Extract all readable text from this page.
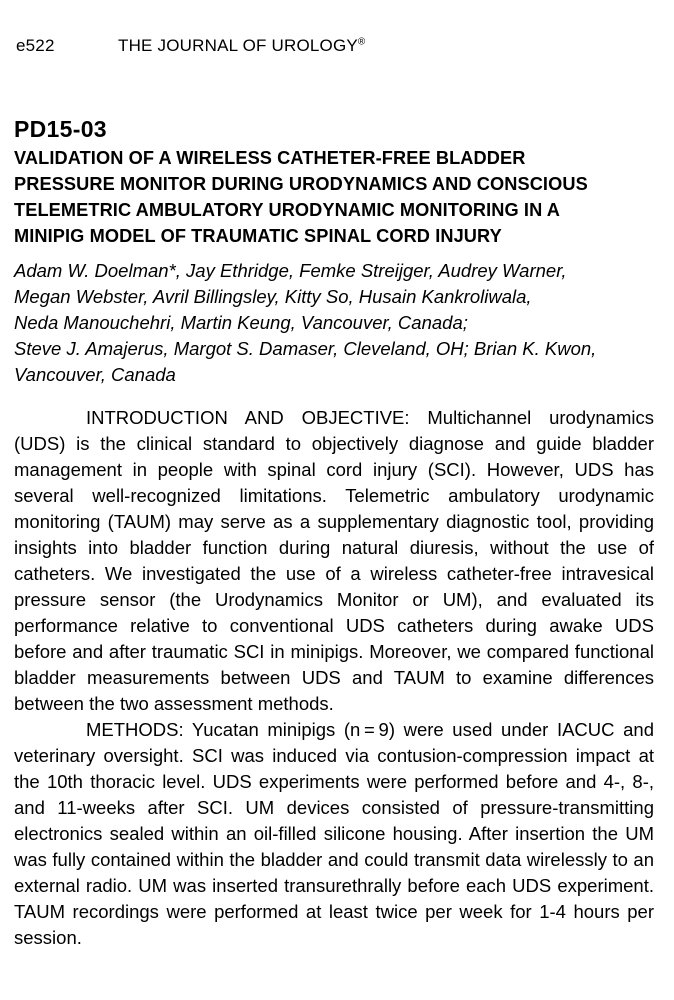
e522	THE JOURNAL OF UROLOGY®
PD15-03
VALIDATION OF A WIRELESS CATHETER-FREE BLADDER
PRESSURE MONITOR DURING URODYNAMICS AND CONSCIOUS
TELEMETRIC AMBULATORY URODYNAMIC MONITORING IN A
MINIPIG MODEL OF TRAUMATIC SPINAL CORD INJURY
Adam W. Doelman*, Jay Ethridge, Femke Streijger, Audrey Warner,
Megan Webster, Avril Billingsley, Kitty So, Husain Kankroliwala,
Neda Manouchehri, Martin Keung, Vancouver, Canada;
Steve J. Amajerus, Margot S. Damaser, Cleveland, OH; Brian K. Kwon,
Vancouver, Canada

INTRODUCTION AND OBJECTIVE: Multichannel urodynamics (UDS) is the clinical standard to objectively diagnose and guide bladder management in people with spinal cord injury (SCI). However, UDS has several well-recognized limitations. Telemetric ambulatory urodynamic monitoring (TAUM) may serve as a supplementary diagnostic tool, providing insights into bladder function during natural diuresis, without the use of catheters. We investigated the use of a wireless catheter-free intravesical pressure sensor (the Urodynamics Monitor or UM), and evaluated its performance relative to conventional UDS catheters during awake UDS before and after traumatic SCI in minipigs. Moreover, we compared functional bladder measurements between UDS and TAUM to examine differences between the two assessment methods.

METHODS: Yucatan minipigs (n = 9) were used under IACUC and veterinary oversight. SCI was induced via contusion-compression impact at the 10th thoracic level. UDS experiments were performed before and 4-, 8-, and 11-weeks after SCI. UM devices consisted of pressure-transmitting electronics sealed within an oil-filled silicone housing. After insertion the UM was fully contained within the bladder and could transmit data wirelessly to an external radio. UM was inserted transurethrally before each UDS experiment. TAUM recordings were performed at least twice per week for 1-4 hours per session.
